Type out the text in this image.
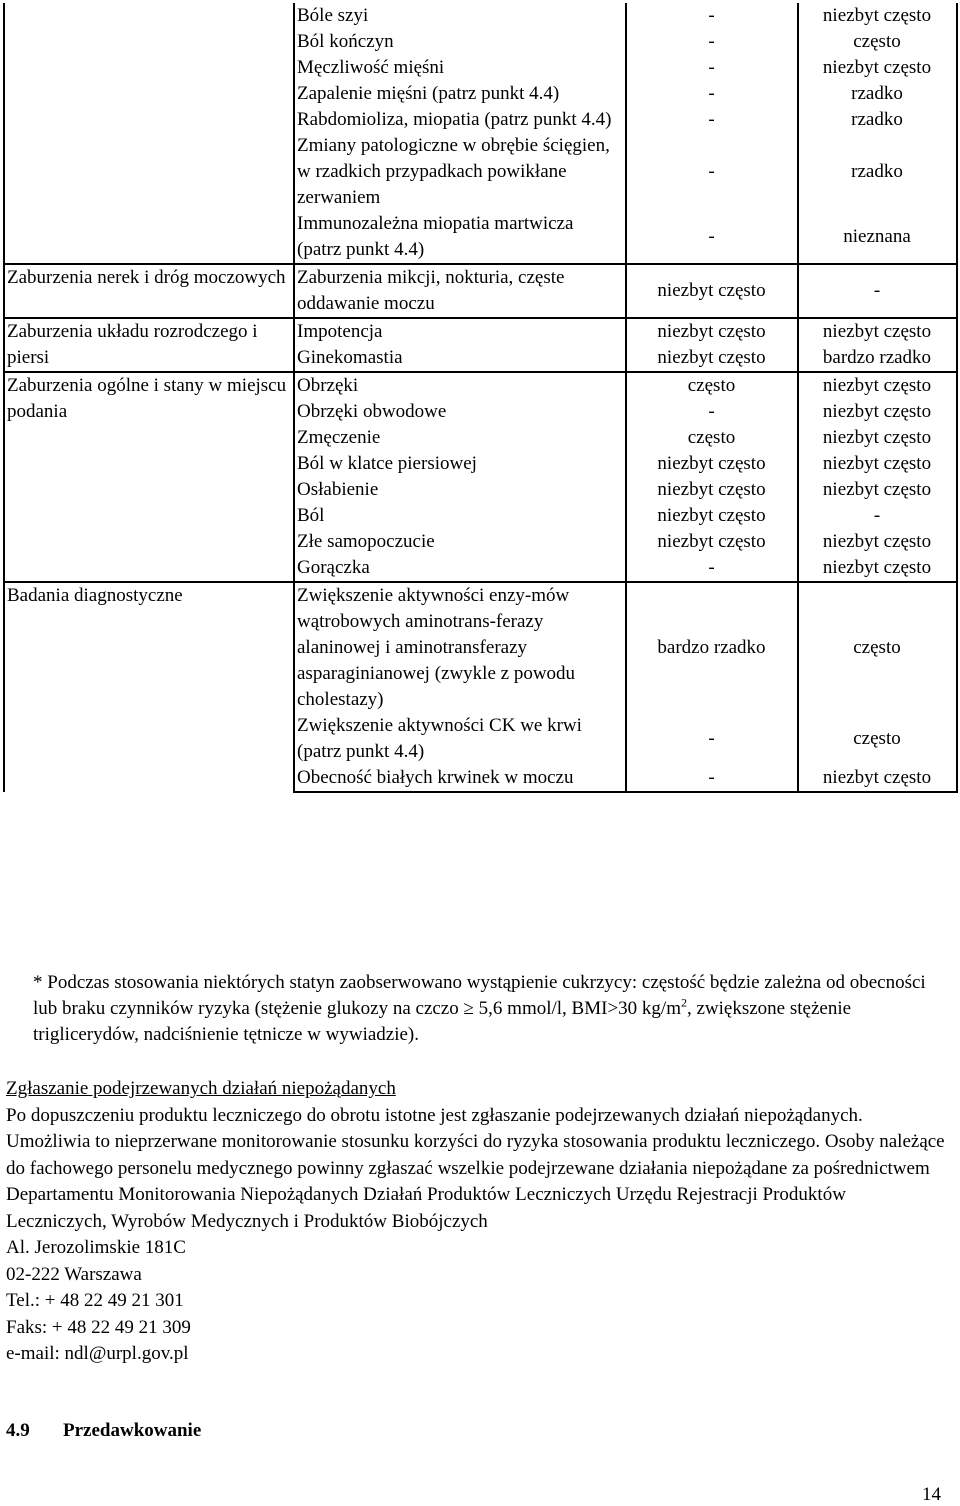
	Bóle szyi	-	niezbyt często
	Ból kończyn	-	często
	Męczliwość mięśni	-	niezbyt często
	Zapalenie mięśni (patrz punkt 4.4)	-	rzadko
	Rabdomioliza, miopatia (patrz punkt 4.4)	-	rzadko
	Zmiany patologiczne w obrębie ścięgien, w rzadkich przypadkach powikłane zerwaniem	-	rzadko
	Immunozależna miopatia martwicza (patrz punkt 4.4)	-	nieznana
Zaburzenia nerek i dróg moczowych	Zaburzenia mikcji, nokturia, częste oddawanie moczu	niezbyt często	-
Zaburzenia układu rozrodczego i piersi	Impotencja	niezbyt często	niezbyt często
	Ginekomastia	niezbyt często	bardzo rzadko
Zaburzenia ogólne i stany w miejscu podania	Obrzęki	często	niezbyt często
	Obrzęki obwodowe	-	niezbyt często
	Zmęczenie	często	niezbyt często
	Ból w klatce piersiowej	niezbyt często	niezbyt często
	Osłabienie	niezbyt często	niezbyt często
	Ból	niezbyt często	-
	Złe samopoczucie	niezbyt często	niezbyt często
	Gorączka	-	niezbyt często
Badania diagnostyczne	Zwiększenie aktywności enzy-mów wątrobowych aminotrans-ferazy alaninowej i aminotransferazy asparaginianowej (zwykle z powodu cholestazy)	bardzo rzadko	często
	Zwiększenie aktywności CK we krwi (patrz punkt 4.4)	-	często
	Obecność białych krwinek w moczu	-	niezbyt często
* Podczas stosowania niektórych statyn zaobserwowano wystąpienie cukrzycy: częstość będzie zależna od obecności lub braku czynników ryzyka (stężenie glukozy na czczo ≥ 5,6 mmol/l, BMI>30 $kg/m^2$, zwiększone stężenie triglicerydów, nadciśnienie tętnicze w wywiadzie).

Zgłaszanie podejrzewanych działań niepożądanych

Po dopuszczeniu produktu leczniczego do obrotu istotne jest zgłaszanie podejrzewanych działań niepożądanych. Umożliwia to nieprzerwane monitorowanie stosunku korzyści do ryzyka stosowania produktu leczniczego. Osoby należące do fachowego personelu medycznego powinny zgłaszać wszelkie podejrzewane działania niepożądane za pośrednictwem Departamentu Monitorowania Niepożądanych Działań Produktów Leczniczych Urzędu Rejestracji Produktów Leczniczych, Wyrobów Medycznych i Produktów Biobójczych

Al. Jerozolimskie 181C

02-222 Warszawa

Tel.: + 48 22 49 21 301

Faks: + 48 22 49 21 309

e-mail: ndl@urpl.gov.pl

4.9 Przedawkowanie
14
